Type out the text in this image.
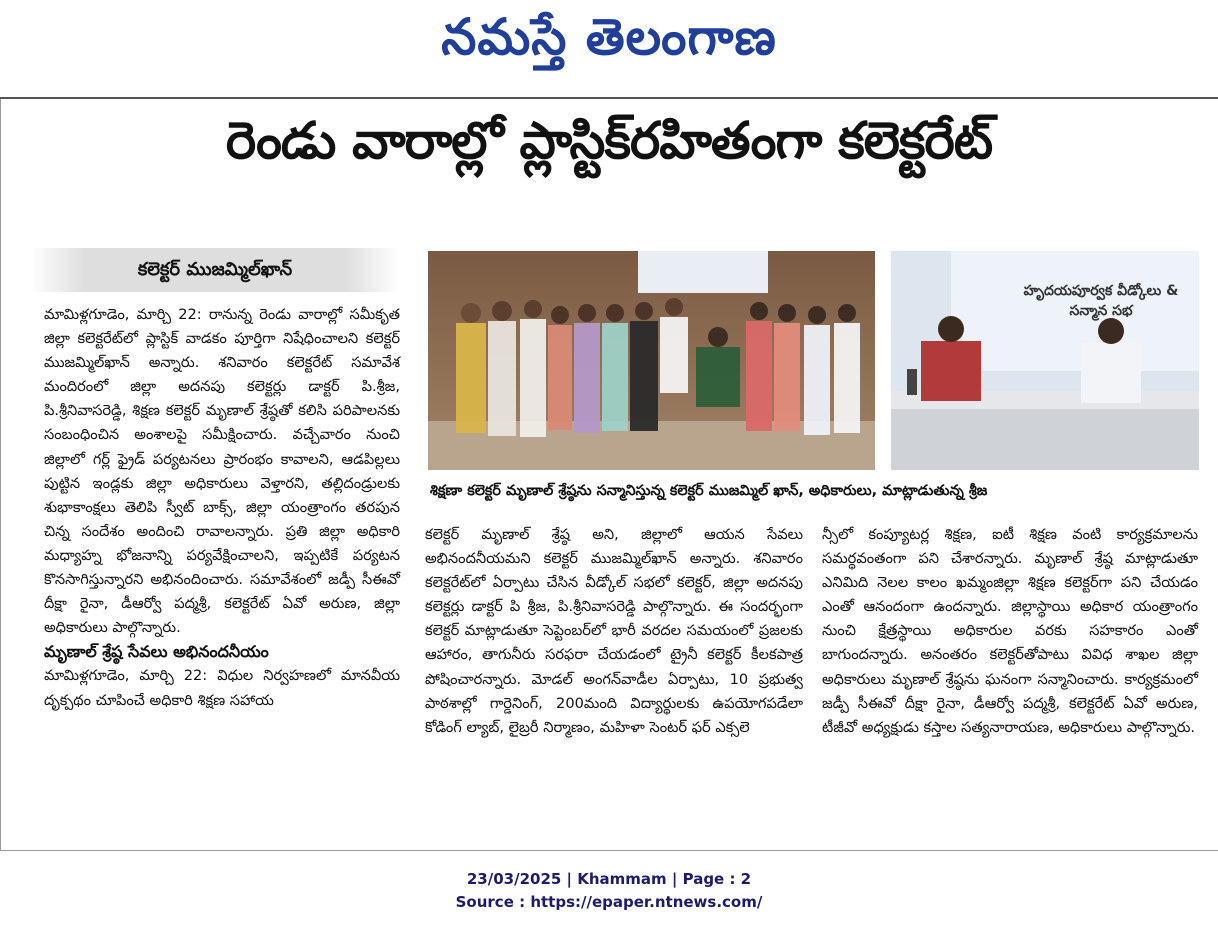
నమస్తే తెలంగాణ
రెండు వారాల్లో ప్లాస్టిక్‌రహితంగా కలెక్టరేట్
కలెక్టర్ ముజమ్మిల్‌ఖాన్

మామిళ్లగూడెం, మార్చి 22: రానున్న రెండు వారాల్లో సమీకృత జిల్లా కలెక్టరేట్‌లో ప్లాస్టిక్ వాడకం పూర్తిగా నిషేధించాలని కలెక్టర్ ముజమ్మిల్‌ఖాన్ అన్నారు. శనివారం కలెక్టరేట్ సమావేశ మందిరంలో జిల్లా అదనపు కలెక్టర్లు డాక్టర్ పి.శ్రీజ, పి.శ్రీనివాసరెడ్డి, శిక్షణ కలెక్టర్ మృణాల్ శ్రేష్ఠతో కలిసి పరిపాలనకు సంబంధించిన అంశాలపై సమీక్షించారు. వచ్చేవారం నుంచి జిల్లాలో గర్ల్ ఫ్రైడ్ పర్యటనలు ప్రారంభం కావాలని, ఆడపిల్లలు పుట్టిన ఇండ్లకు జిల్లా అధికారులు వెళ్తారని, తల్లిదండ్రులకు శుభాకాంక్షలు తెలిపి స్వీట్ బాక్స్, జిల్లా యంత్రాంగం తరపున చిన్న సందేశం అందించి రావాలన్నారు. ప్రతి జిల్లా అధికారి మధ్యాహ్న భోజనాన్ని పర్యవేక్షించాలని, ఇప్పటికే పర్యటన కొనసాగిస్తున్నారని అభినందించారు. సమావేశంలో జడ్పీ సీఈవో దీక్షా రైనా, డీఆర్వో పద్మశ్రీ, కలెక్టరేట్ ఏవో అరుణ, జిల్లా అధికారులు పాల్గొన్నారు.

మృణాల్ శ్రేష్ఠ సేవలు అభినందనీయం

మామిళ్లగూడెం, మార్చి 22: విధుల నిర్వహణలో మానవీయ దృక్పథం చూపించే అధికారి శిక్షణ సహాయ

హృదయపూర్వక వీడ్కోలు & సన్మాన సభ
శిక్షణా కలెక్టర్ మృణాల్ శ్రేష్ఠను సన్మానిస్తున్న కలెక్టర్ ముజమ్మిల్ ఖాన్, అధికారులు, మాట్లాడుతున్న శ్రీజ

కలెక్టర్ మృణాల్ శ్రేష్ఠ అని, జిల్లాలో ఆయన సేవలు అభినందనీయమని కలెక్టర్ ముజమ్మిల్‌ఖాన్ అన్నారు. శనివారం కలెక్టరేట్‌లో ఏర్పాటు చేసిన వీడ్కోల్ సభలో కలెక్టర్, జిల్లా అదనపు కలెక్టర్లు డాక్టర్ పి శ్రీజ, పి.శ్రీనివాసరెడ్డి పాల్గొన్నారు. ఈ సందర్భంగా కలెక్టర్ మాట్లాడుతూ సెప్టెంబర్‌లో భారీ వరదల సమయంలో ప్రజలకు ఆహారం, తాగునీరు సరఫరా చేయడంలో ట్రైనీ కలెక్టర్ కీలకపాత్ర పోషించారన్నారు. మోడల్ అంగన్‌వాడీల ఏర్పాటు, 10 ప్రభుత్వ పాఠశాల్లో గార్డెనింగ్, 200మంది విద్యార్థులకు ఉపయోగపడేలా కోడింగ్ ల్యాబ్, లైబ్రరీ నిర్మాణం, మహిళా సెంటర్ ఫర్ ఎక్సలె

న్సీలో కంప్యూటర్ల శిక్షణ, ఐటీ శిక్షణ వంటి కార్యక్రమాలను సమర్థవంతంగా పని చేశారన్నారు. మృణాల్ శ్రేష్ఠ మాట్లాడుతూ ఎనిమిది నెలల కాలం ఖమ్మంజిల్లా శిక్షణ కలెక్టర్‌గా పని చేయడం ఎంతో ఆనందంగా ఉందన్నారు. జిల్లాస్థాయి అధికార యంత్రాంగం నుంచి క్షేత్రస్థాయి అధికారుల వరకు సహకారం ఎంతో బాగుందన్నారు. అనంతరం కలెక్టర్‌తోపాటు వివిధ శాఖల జిల్లా అధికారులు మృణాల్ శ్రేష్ఠను ఘనంగా సన్మానించారు. కార్యక్రమంలో జడ్పీ సీఈవో దీక్షా రైనా, డీఆర్వో పద్మశ్రీ, కలెక్టరేట్ ఏవో అరుణ, టీజీవో అధ్యక్షుడు కస్తాల సత్యనారాయణ, అధికారులు పాల్గొన్నారు.

23/03/2025 | Khammam | Page : 2
Source : https://epaper.ntnews.com/
